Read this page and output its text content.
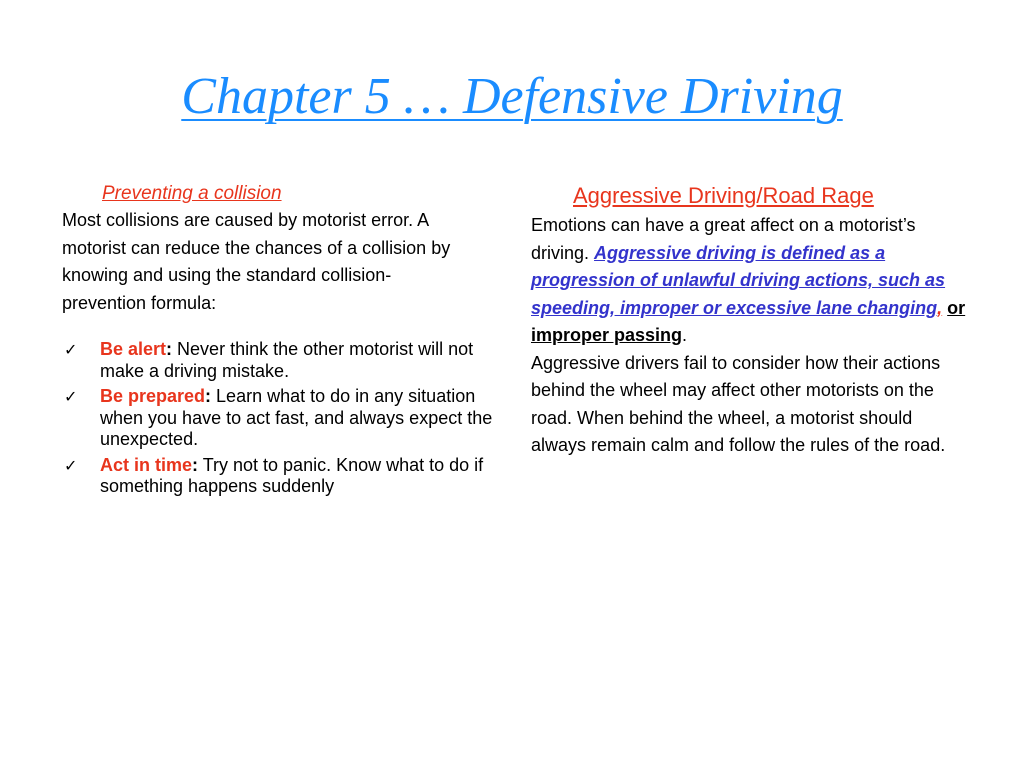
Chapter 5 … Defensive Driving
Preventing a collision

Most collisions are caused by motorist error. A motorist can reduce the chances of a collision by knowing and using the standard collision-prevention formula:

✓ Be alert: Never think the other motorist will not make a driving mistake.
✓ Be prepared: Learn what to do in any situation when you have to act fast, and always expect the unexpected.
✓ Act in time: Try not to panic. Know what to do if something happens suddenly
Aggressive Driving/Road Rage

Emotions can have a great affect on a motorist’s driving. Aggressive driving is defined as a progression of unlawful driving actions, such as speeding, improper or excessive lane changing, or improper passing.
Aggressive drivers fail to consider how their actions behind the wheel may affect other motorists on the road. When behind the wheel, a motorist should always remain calm and follow the rules of the road.
